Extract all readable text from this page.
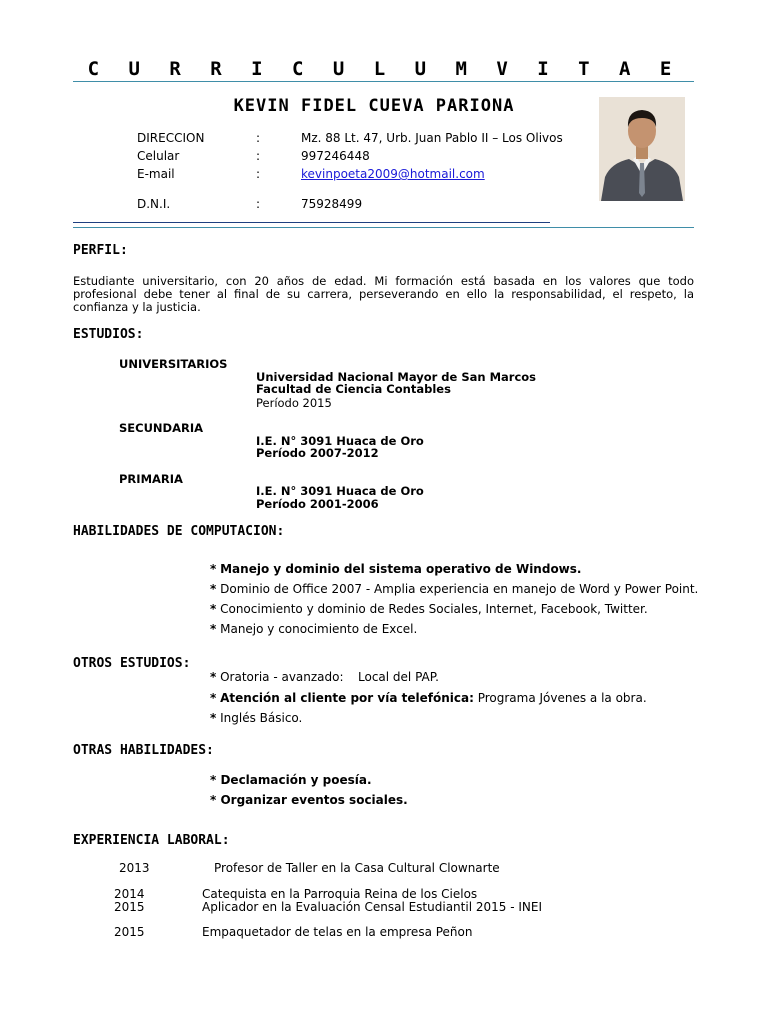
C U R R I C U L U M V I T A E
KEVIN FIDEL CUEVA PARIONA
DIRECCION	:	Mz. 88 Lt. 47, Urb. Juan Pablo II – Los Olivos
Celular	:	997246448
E-mail	:	kevinpoeta2009@hotmail.com
D.N.I.	:	75928499
PERFIL:
Estudiante universitario, con 20 años de edad. Mi formación está basada en los valores que todo
profesional debe tener al final de su carrera, perseverando en ello la responsabilidad, el respeto, la
confianza y la justicia.
ESTUDIOS:
UNIVERSITARIOS
Universidad Nacional Mayor de San Marcos
Facultad de Ciencia Contables
Período 2015
SECUNDARIA
I.E. N° 3091 Huaca de Oro
Período 2007-2012
PRIMARIA
I.E. N° 3091 Huaca de Oro
Período 2001-2006
HABILIDADES DE COMPUTACION:
* Manejo y dominio del sistema operativo de Windows.
* Dominio de Office 2007 - Amplia experiencia en manejo de Word y Power Point.
* Conocimiento y dominio de Redes Sociales, Internet, Facebook, Twitter.
* Manejo y conocimiento de Excel.
OTROS ESTUDIOS:
* Oratoria - avanzado: Local del PAP.
* Atención al cliente por vía telefónica: Programa Jóvenes a la obra.
* Inglés Básico.
OTRAS HABILIDADES:
* Declamación y poesía.
* Organizar eventos sociales.
EXPERIENCIA LABORAL:
2013	Profesor de Taller en la Casa Cultural Clownarte
2014	Catequista en la Parroquia Reina de los Cielos
2015	Aplicador en la Evaluación Censal Estudiantil 2015 - INEI
2015	Empaquetador de telas en la empresa Peñon
